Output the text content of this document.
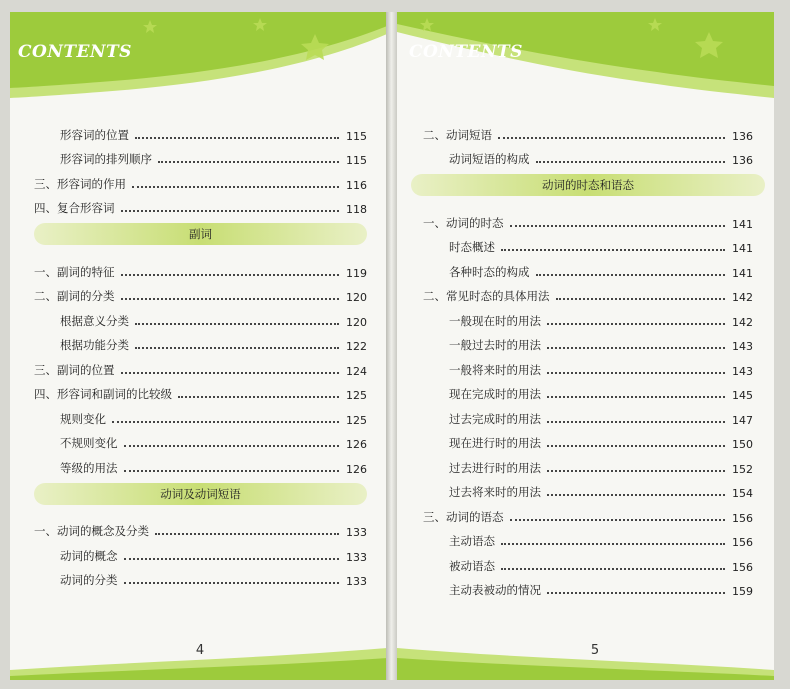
CONTENTS
形容词的位置	115
形容词的排列顺序	115
三、形容词的作用	116
四、复合形容词	118
副词
一、副词的特征	119
二、副词的分类	120
根据意义分类	120
根据功能分类	122
三、副词的位置	124
四、形容词和副词的比较级	125
规则变化	125
不规则变化	126
等级的用法	126
动词及动词短语
一、动词的概念及分类	133
动词的概念	133
动词的分类	133
4
CONTENTS
二、动词短语	136
动词短语的构成	136
动词的时态和语态
一、动词的时态	141
时态概述	141
各种时态的构成	141
二、常见时态的具体用法	142
一般现在时的用法	142
一般过去时的用法	143
一般将来时的用法	143
现在完成时的用法	145
过去完成时的用法	147
现在进行时的用法	150
过去进行时的用法	152
过去将来时的用法	154
三、动词的语态	156
主动语态	156
被动语态	156
主动表被动的情况	159
5
